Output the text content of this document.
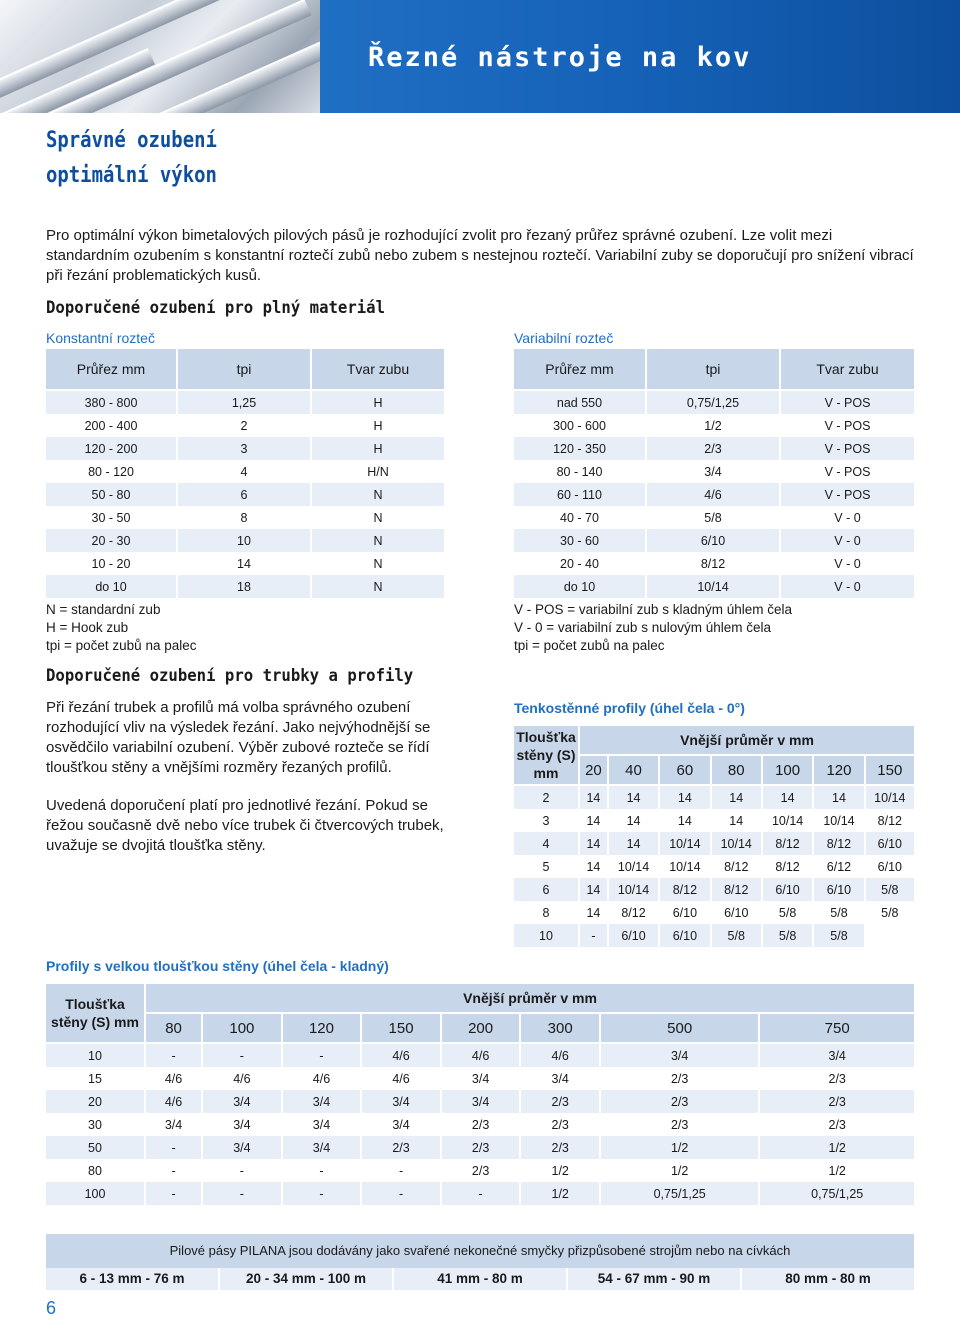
Řezné nástroje na kov
Správné ozubení
optimální výkon
Pro optimální výkon bimetalových pilových pásů je rozhodující zvolit pro řezaný průřez správné ozubení. Lze volit mezi standardním ozubením s konstantní roztečí zubů nebo zubem s nestejnou roztečí. Variabilní zuby se doporučují pro snížení vibrací při řezání problematických kusů.
Doporučené ozubení pro plný materiál
Konstantní rozteč
Průřez mm	tpi	Tvar zubu
380 - 800	1,25	H
200 - 400	2	H
120 - 200	3	H
80 - 120	4	H/N
50 - 80	6	N
30 - 50	8	N
20 - 30	10	N
10 - 20	14	N
do 10	18	N
N = standardní zub
H = Hook zub
tpi = počet zubů na palec
Variabilní rozteč
Průřez mm	tpi	Tvar zubu
nad 550	0,75/1,25	V - POS
300 - 600	1/2	V - POS
120 - 350	2/3	V - POS
80 - 140	3/4	V - POS
60 - 110	4/6	V - POS
40 - 70	5/8	V - 0
30 - 60	6/10	V - 0
20 - 40	8/12	V - 0
do 10	10/14	V - 0
V - POS = variabilní zub s kladným úhlem čela
V - 0 = variabilní zub s nulovým úhlem čela
tpi = počet zubů na palec
Doporučené ozubení pro trubky a profily
Při řezání trubek a profilů má volba správného ozubení rozhodující vliv na výsledek řezání. Jako nejvýhodnější se osvědčilo variabilní ozubení. Výběr zubové rozteče se řídí tloušťkou stěny a vnějšími rozměry řezaných profilů.
Uvedená doporučení platí pro jednotlivé řezání. Pokud se řežou současně dvě nebo více trubek či čtvercových trubek, uvažuje se dvojitá tloušťka stěny.
Tenkostěnné profily (úhel čela - 0°)
Tloušťka stěny (S) mm	Vnější průměr v mm						
	20	40	60	80	100	120	150
2	14	14	14	14	14	14	10/14
3	14	14	14	14	10/14	10/14	8/12
4	14	14	10/14	10/14	8/12	8/12	6/10
5	14	10/14	10/14	8/12	8/12	6/12	6/10
6	14	10/14	8/12	8/12	6/10	6/10	5/8
8	14	8/12	6/10	6/10	5/8	5/8	5/8
10	-	6/10	6/10	5/8	5/8	5/8	
Profily s velkou tloušťkou stěny (úhel čela - kladný)
Tloušťka stěny (S) mm	Vnější průměr v mm							
	80	100	120	150	200	300	500	750
10	-	-	-	4/6	4/6	4/6	3/4	3/4
15	4/6	4/6	4/6	4/6	3/4	3/4	2/3	2/3
20	4/6	3/4	3/4	3/4	3/4	2/3	2/3	2/3
30	3/4	3/4	3/4	3/4	2/3	2/3	2/3	2/3
50	-	3/4	3/4	2/3	2/3	2/3	1/2	1/2
80	-	-	-	-	2/3	1/2	1/2	1/2
100	-	-	-	-	-	1/2	0,75/1,25	0,75/1,25
Pilové pásy PILANA jsou dodávány jako svařené nekonečné smyčky přizpůsobené strojům nebo na cívkách
6 - 13 mm - 76 m	20 - 34 mm - 100 m	41 mm - 80 m	54 - 67 mm - 90 m	80 mm - 80 m
6
